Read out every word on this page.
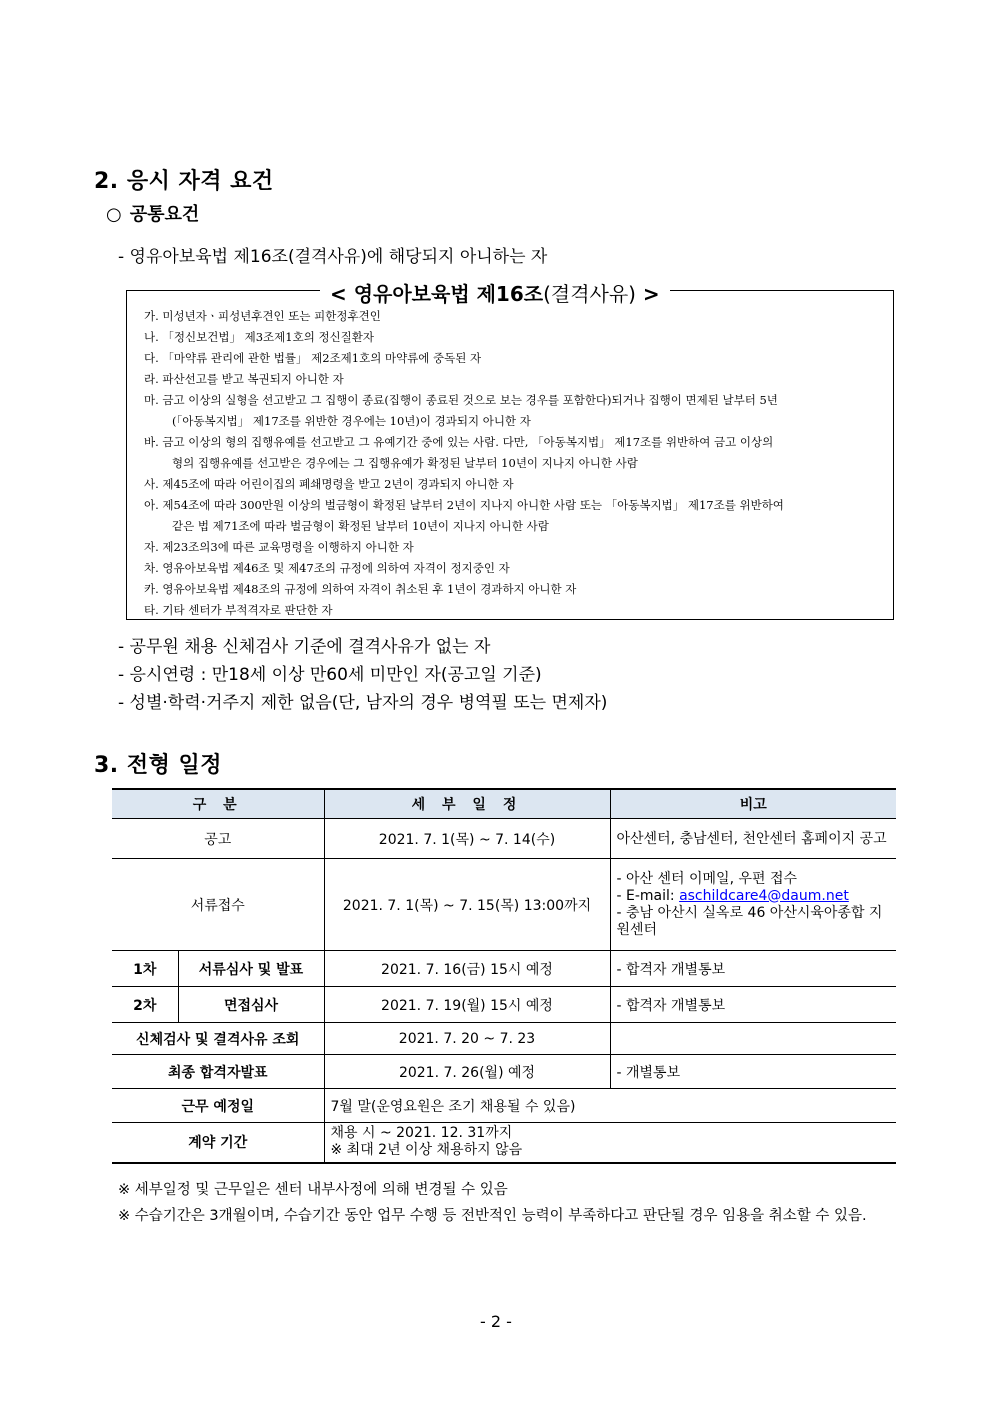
2. 응시 자격 요건
○ 공통요건
- 영유아보육법 제16조(결격사유)에 해당되지 아니하는 자
< 영유아보육법 제16조(결격사유) >
가. 미성년자ㆍ피성년후견인 또는 피한정후견인
나. 「정신보건법」 제3조제1호의 정신질환자
다. 「마약류 관리에 관한 법률」 제2조제1호의 마약류에 중독된 자
라. 파산선고를 받고 복권되지 아니한 자
마. 금고 이상의 실형을 선고받고 그 집행이 종료(집행이 종료된 것으로 보는 경우를 포함한다)되거나 집행이 면제된 날부터 5년
(「아동복지법」 제17조를 위반한 경우에는 10년)이 경과되지 아니한 자
바. 금고 이상의 형의 집행유예를 선고받고 그 유예기간 중에 있는 사람. 다만, 「아동복지법」 제17조를 위반하여 금고 이상의
형의 집행유예를 선고받은 경우에는 그 집행유예가 확정된 날부터 10년이 지나지 아니한 사람
사. 제45조에 따라 어린이집의 폐쇄명령을 받고 2년이 경과되지 아니한 자
아. 제54조에 따라 300만원 이상의 벌금형이 확정된 날부터 2년이 지나지 아니한 사람 또는 「아동복지법」 제17조를 위반하여
같은 법 제71조에 따라 벌금형이 확정된 날부터 10년이 지나지 아니한 사람
자. 제23조의3에 따른 교육명령을 이행하지 아니한 자
차. 영유아보육법 제46조 및 제47조의 규정에 의하여 자격이 정지중인 자
카. 영유아보육법 제48조의 규정에 의하여 자격이 취소된 후 1년이 경과하지 아니한 자
타. 기타 센터가 부적격자로 판단한 자
- 공무원 채용 신체검사 기준에 결격사유가 없는 자
- 응시연령 : 만18세 이상 만60세 미만인 자(공고일 기준)
- 성별·학력·거주지 제한 없음(단, 남자의 경우 병역필 또는 면제자)
3. 전형 일정
구 분		세 부 일 정	비고
공고		2021. 7. 1(목) ~ 7. 14(수)	아산센터, 충남센터, 천안센터 홈페이지 공고
서류접수		2021. 7. 1(목) ~ 7. 15(목) 13:00까지	- 아산 센터 이메일, 우편 접수
- E-mail: aschildcare4@daum.net
- 충남 아산시 실옥로 46 아산시육아종합 지원센터

1차	서류심사 및 발표	2021. 7. 16(금) 15시 예정	- 합격자 개별통보
2차	면접심사	2021. 7. 19(월) 15시 예정	- 합격자 개별통보
신체검사 및 결격사유 조회		2021. 7. 20 ~ 7. 23	
최종 합격자발표		2021. 7. 26(월) 예정	- 개별통보
근무 예정일		7월 말(운영요원은 조기 채용될 수 있음)	
계약 기간		채용 시 ~ 2021. 12. 31까지
※ 최대 2년 이상 채용하지 않음	
※ 세부일정 및 근무일은 센터 내부사정에 의해 변경될 수 있음
※ 수습기간은 3개월이며, 수습기간 동안 업무 수행 등 전반적인 능력이 부족하다고 판단될 경우 임용을 취소할 수 있음.
- 2 -
